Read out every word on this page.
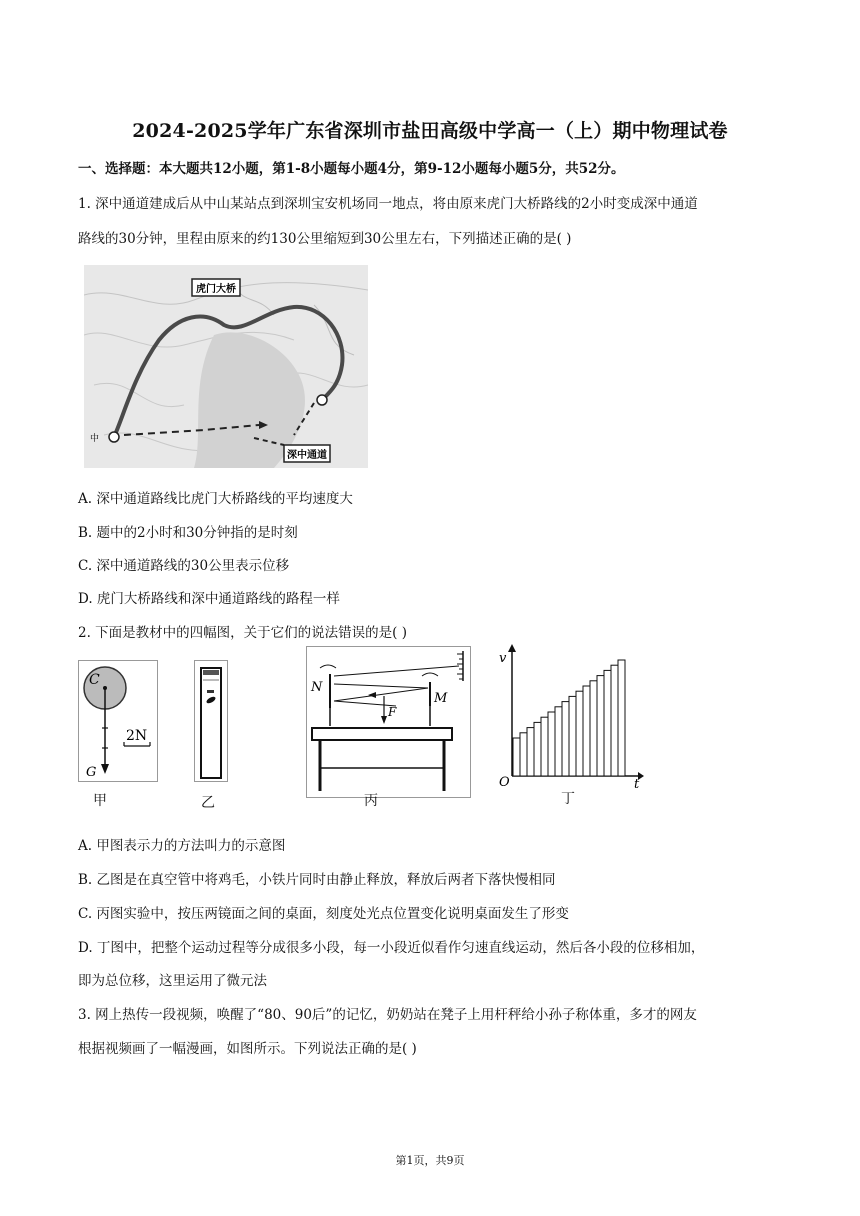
2024-2025学年广东省深圳市盐田高级中学高一（上）期中物理试卷
一、选择题：本大题共12小题，第1-8小题每小题4分，第9-12小题每小题5分，共52分。
1. 深中通道建成后从中山某站点到深圳宝安机场同一地点，将由原来虎门大桥路线的2小时变成深中通道
路线的30分钟，里程由原来的约130公里缩短到30公里左右，下列描述正确的是( )
虎门大桥
深中通道
中
A. 深中通道路线比虎门大桥路线的平均速度大
B. 题中的2小时和30分钟指的是时刻
C. 深中通道路线的30公里表示位移
D. 虎门大桥路线和深中通道路线的路程一样
2. 下面是教材中的四幅图，关于它们的说法错误的是( )
C
G
2N
甲	乙
N
M
F
丙
v
O	t
丁
A. 甲图表示力的方法叫力的示意图
B. 乙图是在真空管中将鸡毛，小铁片同时由静止释放，释放后两者下落快慢相同
C. 丙图实验中，按压两镜面之间的桌面，刻度处光点位置变化说明桌面发生了形变
D. 丁图中，把整个运动过程等分成很多小段，每一小段近似看作匀速直线运动，然后各小段的位移相加，
即为总位移，这里运用了微元法
3. 网上热传一段视频，唤醒了“80、90后”的记忆，奶奶站在凳子上用杆秤给小孙子称体重，多才的网友
根据视频画了一幅漫画，如图所示。下列说法正确的是( )
第1页，共9页
